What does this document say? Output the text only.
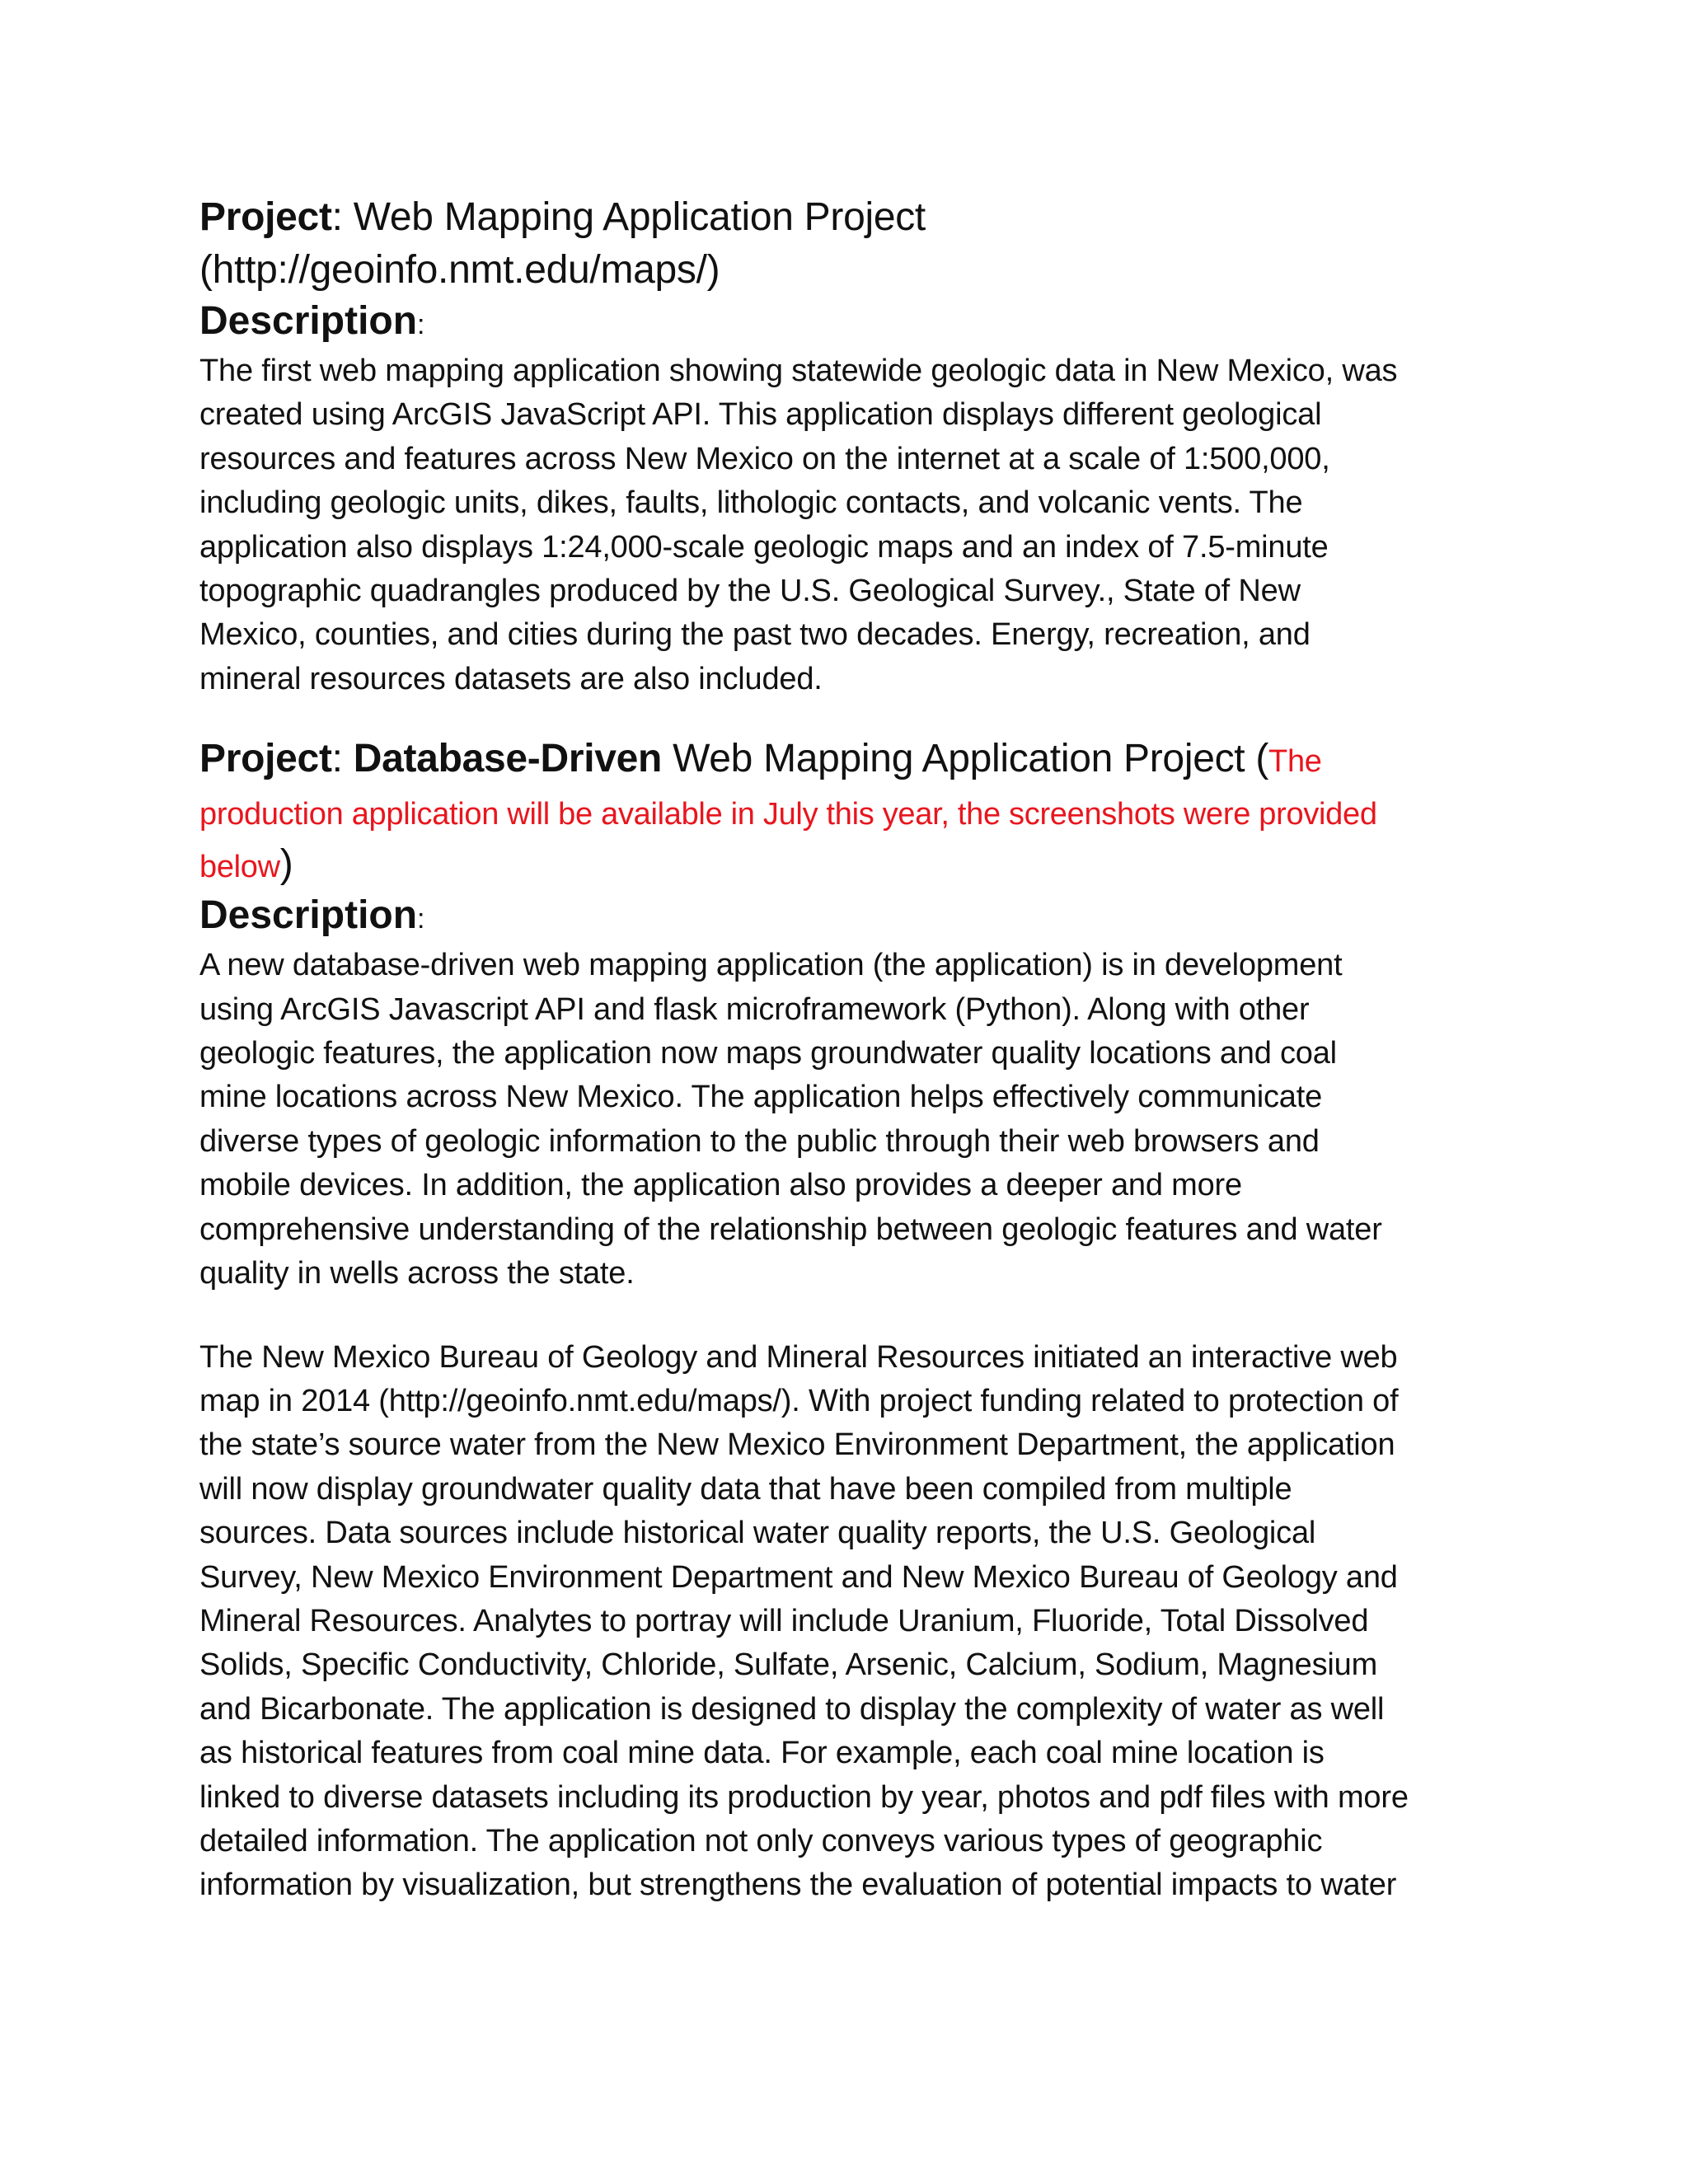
Project: Web Mapping Application Project

(http://geoinfo.nmt.edu/maps/)

Description:

The first web mapping application showing statewide geologic data in New Mexico, was created using ArcGIS JavaScript API. This application displays different geological resources and features across New Mexico on the internet at a scale of 1:500,000, including geologic units, dikes, faults, lithologic contacts, and volcanic vents. The application also displays 1:24,000-scale geologic maps and an index of 7.5-minute topographic quadrangles produced by the U.S. Geological Survey., State of New Mexico, counties, and cities during the past two decades. Energy, recreation, and mineral resources datasets are also included.

Project: Database-Driven Web Mapping Application Project (The production application will be available in July this year, the screenshots were provided below)

Description:

A new database-driven web mapping application (the application) is in development using ArcGIS Javascript API and flask microframework (Python). Along with other geologic features, the application now maps groundwater quality locations and coal mine locations across New Mexico. The application helps effectively communicate diverse types of geologic information to the public through their web browsers and mobile devices. In addition, the application also provides a deeper and more comprehensive understanding of the relationship between geologic features and water quality in wells across the state.

The New Mexico Bureau of Geology and Mineral Resources initiated an interactive web map in 2014 (http://geoinfo.nmt.edu/maps/). With project funding related to protection of the state’s source water from the New Mexico Environment Department, the application will now display groundwater quality data that have been compiled from multiple sources. Data sources include historical water quality reports, the U.S. Geological Survey, New Mexico Environment Department and New Mexico Bureau of Geology and Mineral Resources. Analytes to portray will include Uranium, Fluoride, Total Dissolved Solids, Specific Conductivity, Chloride, Sulfate, Arsenic, Calcium, Sodium, Magnesium and Bicarbonate. The application is designed to display the complexity of water as well as historical features from coal mine data. For example, each coal mine location is linked to diverse datasets including its production by year, photos and pdf files with more detailed information. The application not only conveys various types of geographic information by visualization, but strengthens the evaluation of potential impacts to water
